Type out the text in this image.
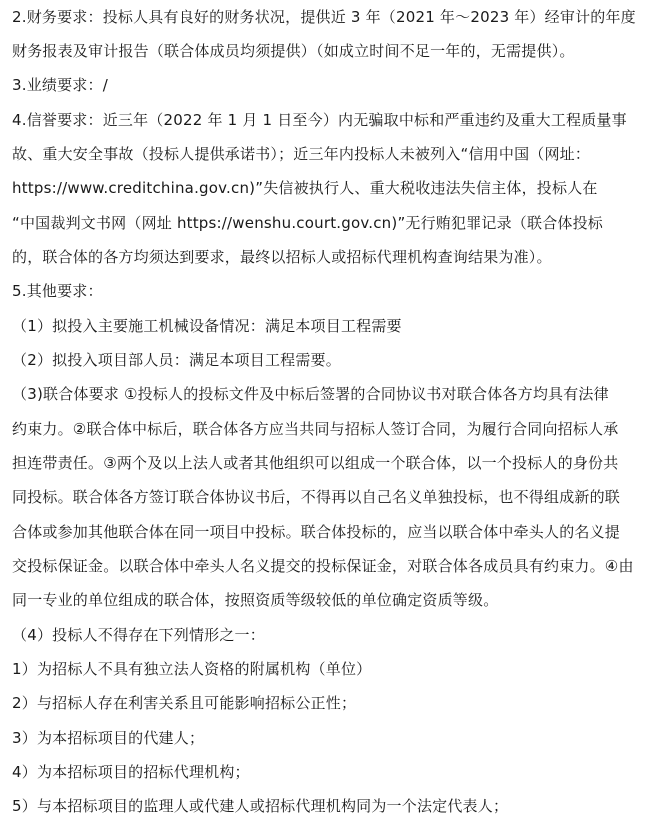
2.财务要求：投标人具有良好的财务状况，提供近 3 年（2021 年～2023 年）经审计的年度
财务报表及审计报告（联合体成员均须提供）（如成立时间不足一年的，无需提供）。
3.业绩要求：/
4.信誉要求：近三年（2022 年 1 月 1 日至今）内无骗取中标和严重违约及重大工程质量事
故、重大安全事故（投标人提供承诺书）；近三年内投标人未被列入“信用中国（网址：
https://www.creditchina.gov.cn)”失信被执行人、重大税收违法失信主体，投标人在
“中国裁判文书网（网址 https://wenshu.court.gov.cn)”无行贿犯罪记录（联合体投标
的，联合体的各方均须达到要求，最终以招标人或招标代理机构查询结果为准）。
5.其他要求：
（1）拟投入主要施工机械设备情况：满足本项目工程需要
（2）拟投入项目部人员：满足本项目工程需要。
（3)联合体要求 ①投标人的投标文件及中标后签署的合同协议书对联合体各方均具有法律
约束力。②联合体中标后，联合体各方应当共同与招标人签订合同，为履行合同向招标人承
担连带责任。③两个及以上法人或者其他组织可以组成一个联合体，以一个投标人的身份共
同投标。联合体各方签订联合体协议书后，不得再以自己名义单独投标，也不得组成新的联
合体或参加其他联合体在同一项目中投标。联合体投标的，应当以联合体中牵头人的名义提
交投标保证金。以联合体中牵头人名义提交的投标保证金，对联合体各成员具有约束力。④由
同一专业的单位组成的联合体，按照资质等级较低的单位确定资质等级。
（4）投标人不得存在下列情形之一：
1）为招标人不具有独立法人资格的附属机构（单位）
2）与招标人存在利害关系且可能影响招标公正性；
3）为本招标项目的代建人；
4）为本招标项目的招标代理机构；
5）与本招标项目的监理人或代建人或招标代理机构同为一个法定代表人；
